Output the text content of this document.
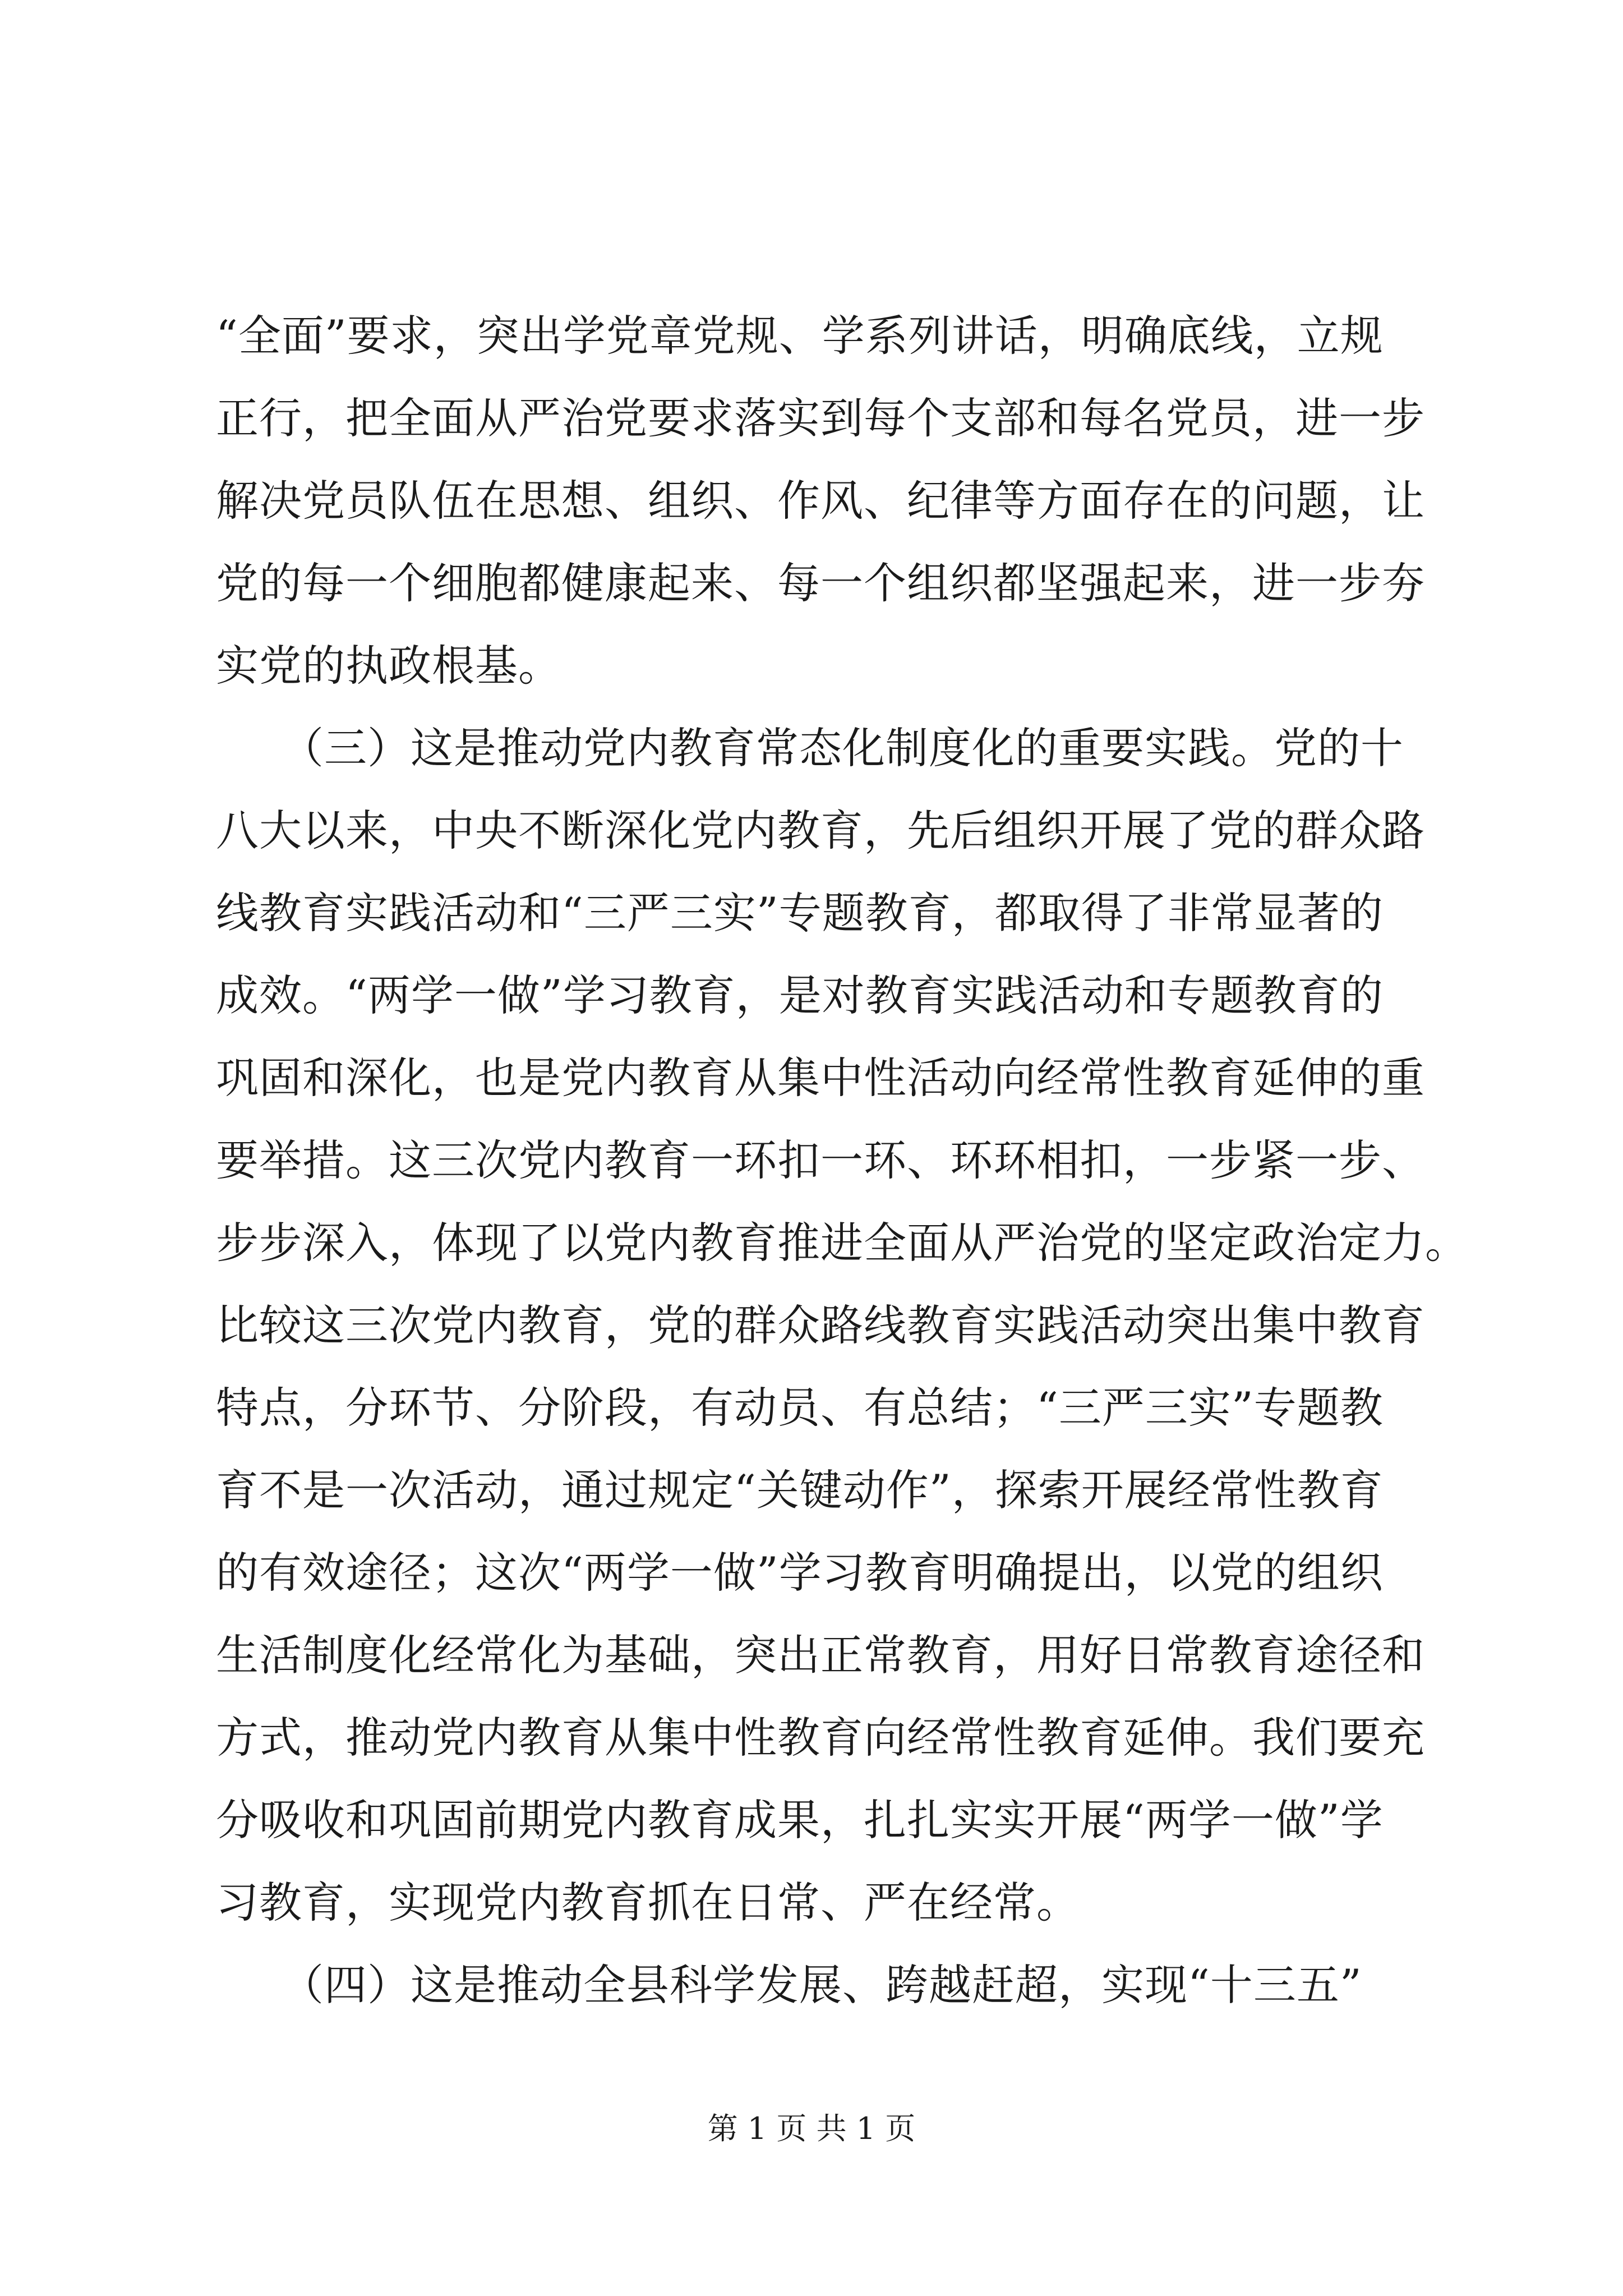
“全面”要求，突出学党章党规、学系列讲话，明确底线，立规
正行，把全面从严治党要求落实到每个支部和每名党员，进一步
解决党员队伍在思想、组织、作风、纪律等方面存在的问题，让
党的每一个细胞都健康起来、每一个组织都坚强起来，进一步夯
实党的执政根基。
　　（三）这是推动党内教育常态化制度化的重要实践。党的十
八大以来，中央不断深化党内教育，先后组织开展了党的群众路
线教育实践活动和“三严三实”专题教育，都取得了非常显著的
成效。“两学一做”学习教育，是对教育实践活动和专题教育的
巩固和深化，也是党内教育从集中性活动向经常性教育延伸的重
要举措。这三次党内教育一环扣一环、环环相扣，一步紧一步、
步步深入，体现了以党内教育推进全面从严治党的坚定政治定力。
比较这三次党内教育，党的群众路线教育实践活动突出集中教育
特点，分环节、分阶段，有动员、有总结；“三严三实”专题教
育不是一次活动，通过规定“关键动作”，探索开展经常性教育
的有效途径；这次“两学一做”学习教育明确提出，以党的组织
生活制度化经常化为基础，突出正常教育，用好日常教育途径和
方式，推动党内教育从集中性教育向经常性教育延伸。我们要充
分吸收和巩固前期党内教育成果，扎扎实实开展“两学一做”学
习教育，实现党内教育抓在日常、严在经常。
　　（四）这是推动全县科学发展、跨越赶超，实现“十三五”
第 1 页 共 1 页
